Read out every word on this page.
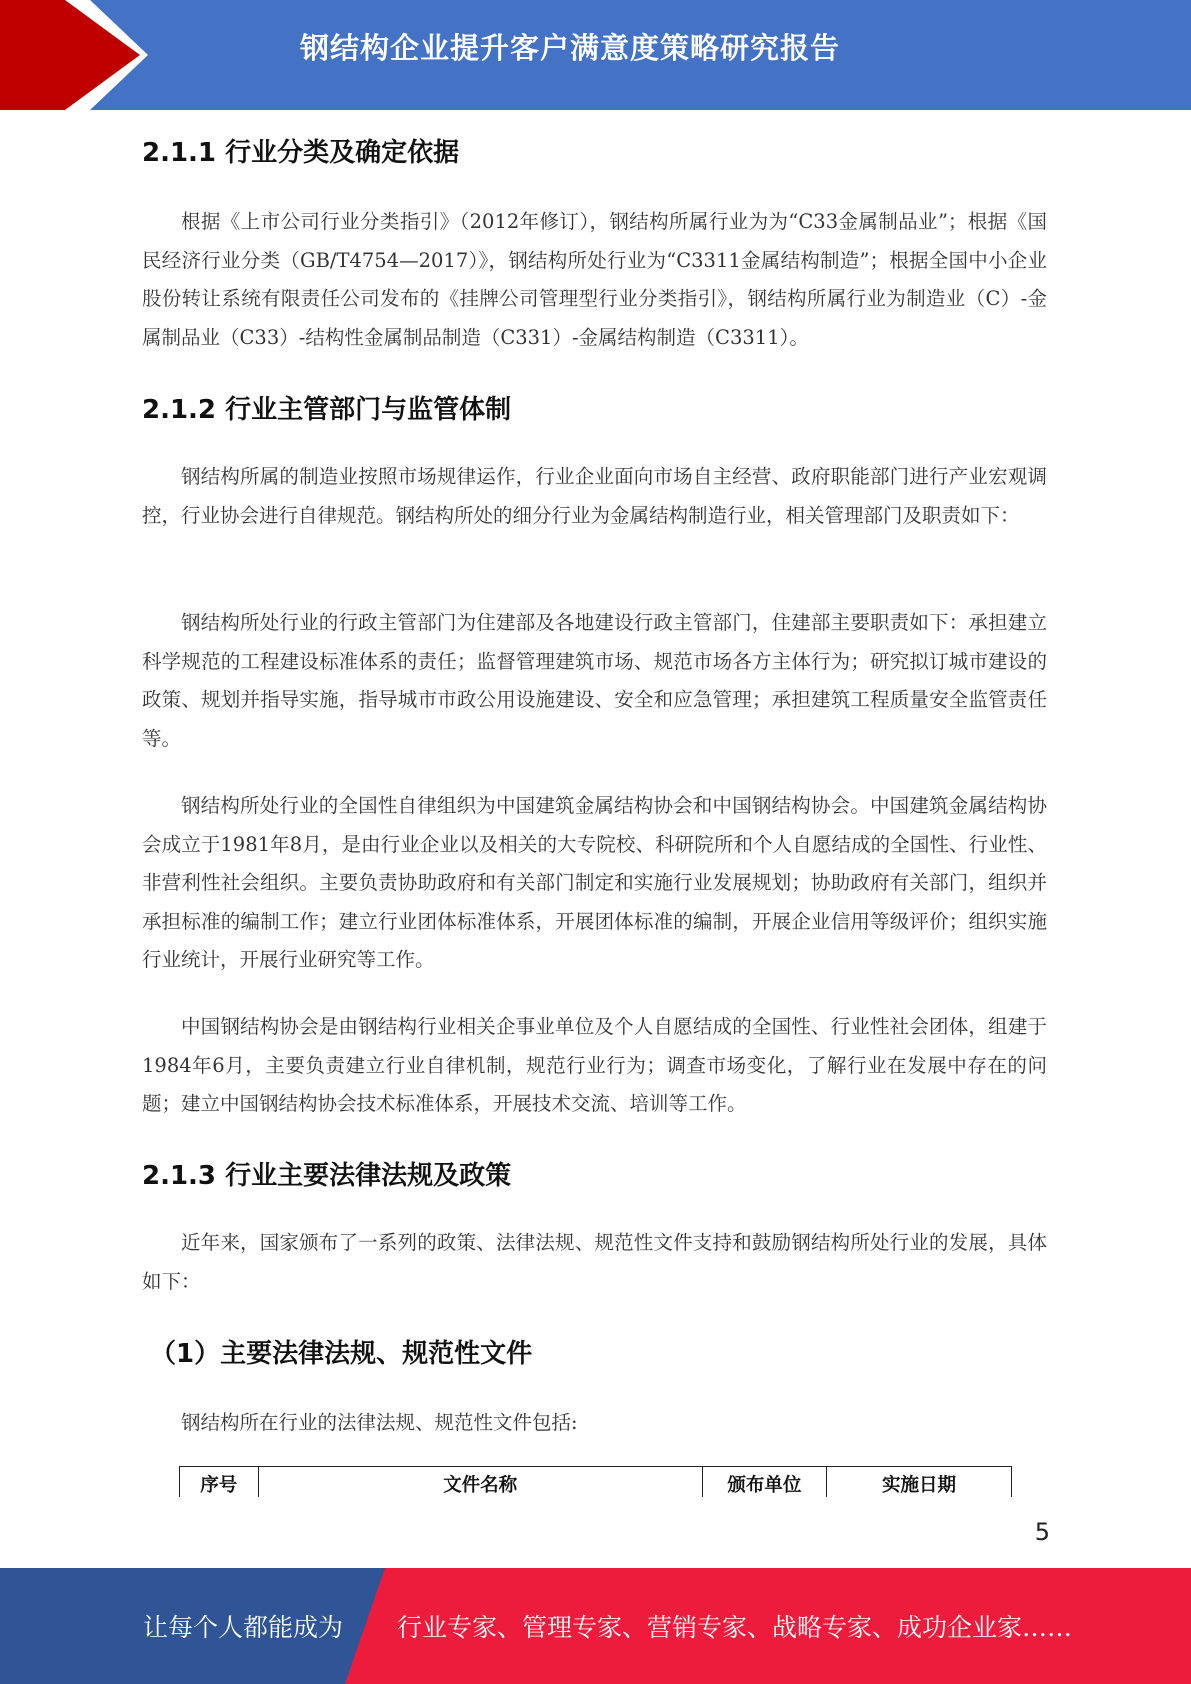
钢结构企业提升客户满意度策略研究报告
2.1.1 行业分类及确定依据

根据《上市公司行业分类指引》（2012年修订），钢结构所属行业为为“C33金属制品业”；根据《国民经济行业分类（GB/T4754—2017）》，钢结构所处行业为“C3311金属结构制造”；根据全国中小企业股份转让系统有限责任公司发布的《挂牌公司管理型行业分类指引》，钢结构所属行业为制造业（C）-金属制品业（C33）-结构性金属制品制造（C331）-金属结构制造（C3311）。

2.1.2 行业主管部门与监管体制

钢结构所属的制造业按照市场规律运作，行业企业面向市场自主经营、政府职能部门进行产业宏观调控，行业协会进行自律规范。钢结构所处的细分行业为金属结构制造行业，相关管理部门及职责如下：

钢结构所处行业的行政主管部门为住建部及各地建设行政主管部门，住建部主要职责如下：承担建立科学规范的工程建设标准体系的责任；监督管理建筑市场、规范市场各方主体行为；研究拟订城市建设的政策、规划并指导实施，指导城市市政公用设施建设、安全和应急管理；承担建筑工程质量安全监管责任等。

钢结构所处行业的全国性自律组织为中国建筑金属结构协会和中国钢结构协会。中国建筑金属结构协会成立于1981年8月，是由行业企业以及相关的大专院校、科研院所和个人自愿结成的全国性、行业性、非营利性社会组织。主要负责协助政府和有关部门制定和实施行业发展规划；协助政府有关部门，组织并承担标准的编制工作；建立行业团体标准体系，开展团体标准的编制，开展企业信用等级评价；组织实施行业统计，开展行业研究等工作。

中国钢结构协会是由钢结构行业相关企事业单位及个人自愿结成的全国性、行业性社会团体，组建于1984年6月，主要负责建立行业自律机制，规范行业行为；调查市场变化，了解行业在发展中存在的问题；建立中国钢结构协会技术标准体系，开展技术交流、培训等工作。

2.1.3 行业主要法律法规及政策

近年来，国家颁布了一系列的政策、法律法规、规范性文件支持和鼓励钢结构所处行业的发展，具体如下：

（1）主要法律法规、规范性文件

钢结构所在行业的法律法规、规范性文件包括:

序号	文件名称	颁布单位	实施日期
5
让每个人都能成为 行业专家、管理专家、营销专家、战略专家、成功企业家……
